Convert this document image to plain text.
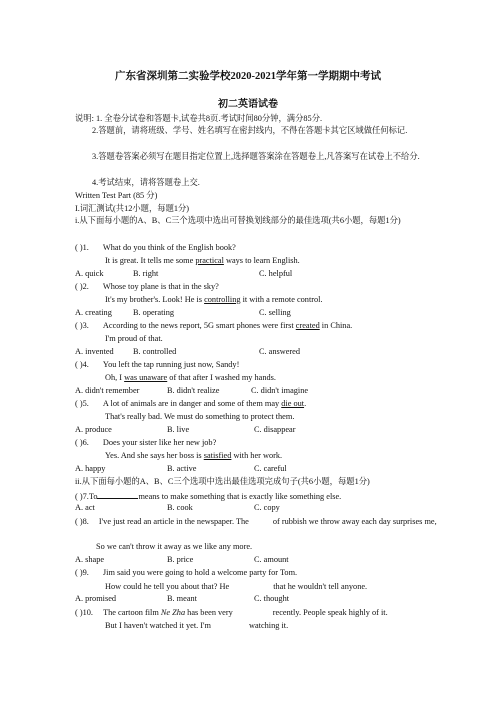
广东省深圳第二实验学校2020-2021学年第一学期期中考试
初二英语试卷
说明: 1. 全卷分试卷和答题卡,试卷共8页.考试时间80分钟，满分85分.
2.答题前，请将班级、学号、姓名填写在密封线内，不得在答题卡其它区域做任何标记.
3.答题卷答案必须写在题目指定位置上,选择题答案涂在答题卷上,凡答案写在试卷上不给分.
4.考试结束，请将答题卷上交.
Written Test Part (85 分)
I.词汇测试(共12小题，每题1分)
i.从下面每小题的A、B、C三个选项中选出可替换划线部分的最佳选项(共6小题，每题1分)
( )1. What do you think of the English book?
It is great. It tells me some practical ways to learn English.
A. quick	B. right	C. helpful
( )2. Whose toy plane is that in the sky?
It's my brother's. Look! He is controlling it with a remote control.
A. creating	B. operating	C. selling
( )3. According to the news report, 5G smart phones were first created in China.
I'm proud of that.
A. invented B. controlled	C. answered
( )4. You left the tap running just now, Sandy!
Oh, I was unaware of that after I washed my hands.
A. didn't remember	B. didn't realize	C. didn't imagine
( )5. A lot of animals are in danger and some of them may die out.
That's really bad. We must do something to protect them.
A. produce	B. live	C. disappear
( )6. Does your sister like her new job?
Yes. And she says her boss is satisfied with her work.
A. happy	B. active	C. careful
ii.从下面每小题的A、B、C三个选项中选出最佳选项完成句子(共6小题，每题1分)
( )7.To	means to make something that is exactly like something else.
A. act	B. cook	C. copy
( )8. I've just read an article in the newspaper. The	of rubbish we throw away each day surprises me,
So we can't throw it away as we like any more.
A. shape	B. price	C. amount
( )9. Jim said you were going to hold a welcome party for Tom.
How could he tell you about that? He	that he wouldn't tell anyone.
A. promised	B. meant	C. thought
( )10. The cartoon film Ne Zha has been very	recently. People speak highly of it.
But I haven't watched it yet. I'm	watching it.
